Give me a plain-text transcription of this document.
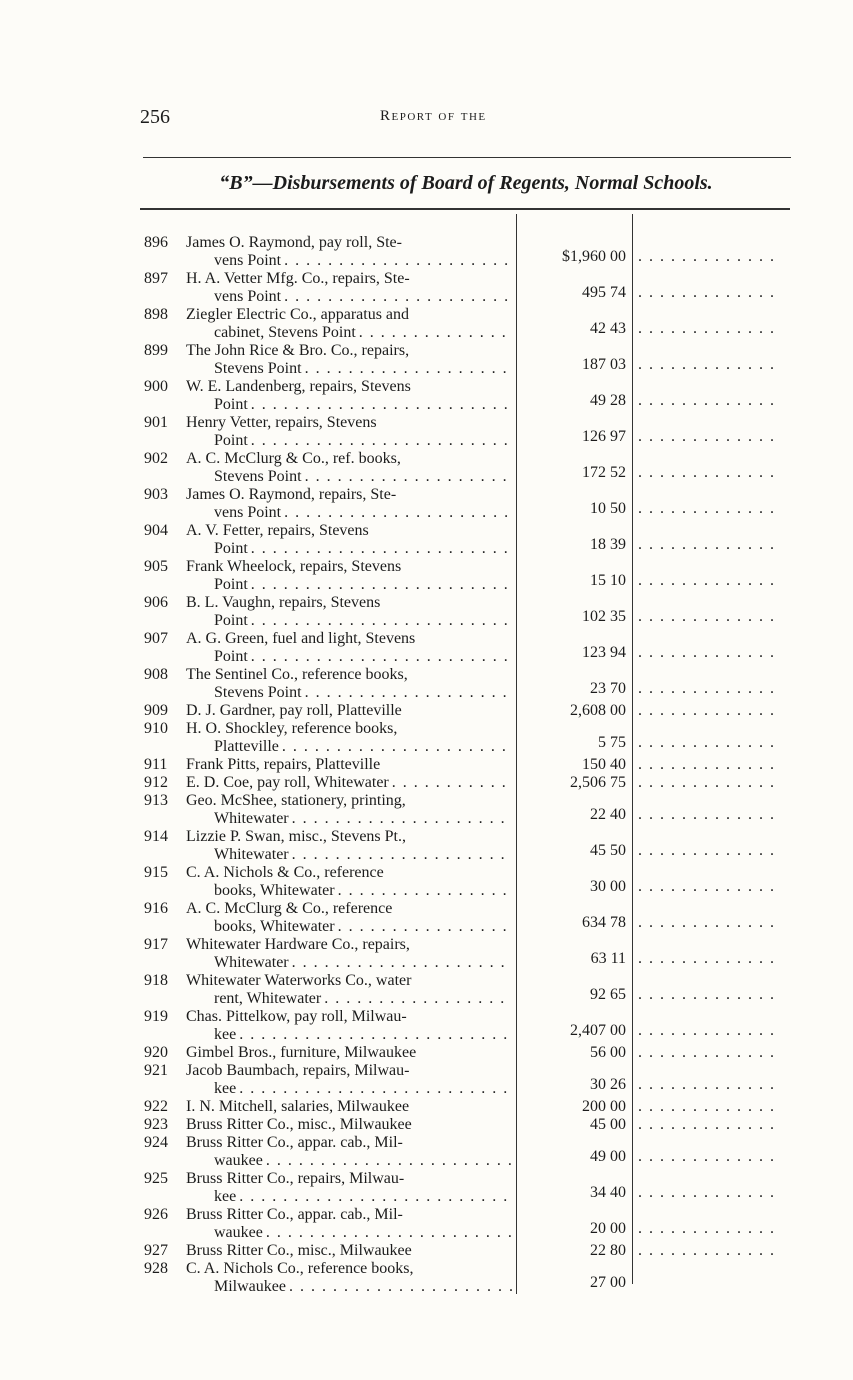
256	Report of the
“B”—Disbursements of Board of Regents, Normal Schools.
896	James O. Raymond, pay roll, Ste-
vens Point . . .	$1,960 00
. . .
897	H. A. Vetter Mfg. Co., repairs, Ste-
vens Point . . .	495 74
. . .
898	Ziegler Electric Co., apparatus and
cabinet, Stevens Point . . .	42 43
. . .
899	The John Rice & Bro. Co., repairs,
Stevens Point . . .	187 03
. . .
900	W. E. Landenberg, repairs, Stevens
Point . . .	49 28
. . .
901	Henry Vetter, repairs, Stevens
Point . . .	126 97
. . .
902	A. C. McClurg & Co., ref. books,
Stevens Point . . .	172 52
. . .
903	James O. Raymond, repairs, Ste-
vens Point . . .	10 50
. . .
904	A. V. Fetter, repairs, Stevens
Point . . .	18 39
. . .
905	Frank Wheelock, repairs, Stevens
Point . . .	15 10
. . .
906	B. L. Vaughn, repairs, Stevens
Point . . .	102 35
. . .
907	A. G. Green, fuel and light, Stevens
Point . . .	123 94
. . .
908	The Sentinel Co., reference books,
Stevens Point . . .	23 70
. . .
909	D. J. Gardner, pay roll, Platteville	2,608 00
. . .
910	H. O. Shockley, reference books,
Platteville . . .	5 75
. . .
911	Frank Pitts, repairs, Platteville	150 40
. . .
912	E. D. Coe, pay roll, Whitewater . . .	2,506 75
. . .
913	Geo. McShee, stationery, printing,
Whitewater . . .	22 40
. . .
914	Lizzie P. Swan, misc., Stevens Pt.,
Whitewater . . .	45 50
. . .
915	C. A. Nichols & Co., reference
books, Whitewater . . .	30 00
. . .
916	A. C. McClurg & Co., reference
books, Whitewater . . .	634 78
. . .
917	Whitewater Hardware Co., repairs,
Whitewater . . .	63 11
. . .
918	Whitewater Waterworks Co., water
rent, Whitewater . . .	92 65
. . .
919	Chas. Pittelkow, pay roll, Milwau-
kee . . .	2,407 00
. . .
920	Gimbel Bros., furniture, Milwaukee	56 00
. . .
921	Jacob Baumbach, repairs, Milwau-
kee . . .	30 26
. . .
922	I. N. Mitchell, salaries, Milwaukee	200 00
. . .
923	Bruss Ritter Co., misc., Milwaukee	45 00
. . .
924	Bruss Ritter Co., appar. cab., Mil-
waukee . . .	49 00
. . .
925	Bruss Ritter Co., repairs, Milwau-
kee . . .	34 40
. . .
926	Bruss Ritter Co., appar. cab., Mil-
waukee . . .	20 00
. . .
927	Bruss Ritter Co., misc., Milwaukee	22 80
. . .
928	C. A. Nichols Co., reference books,
Milwaukee . . .	27 00
